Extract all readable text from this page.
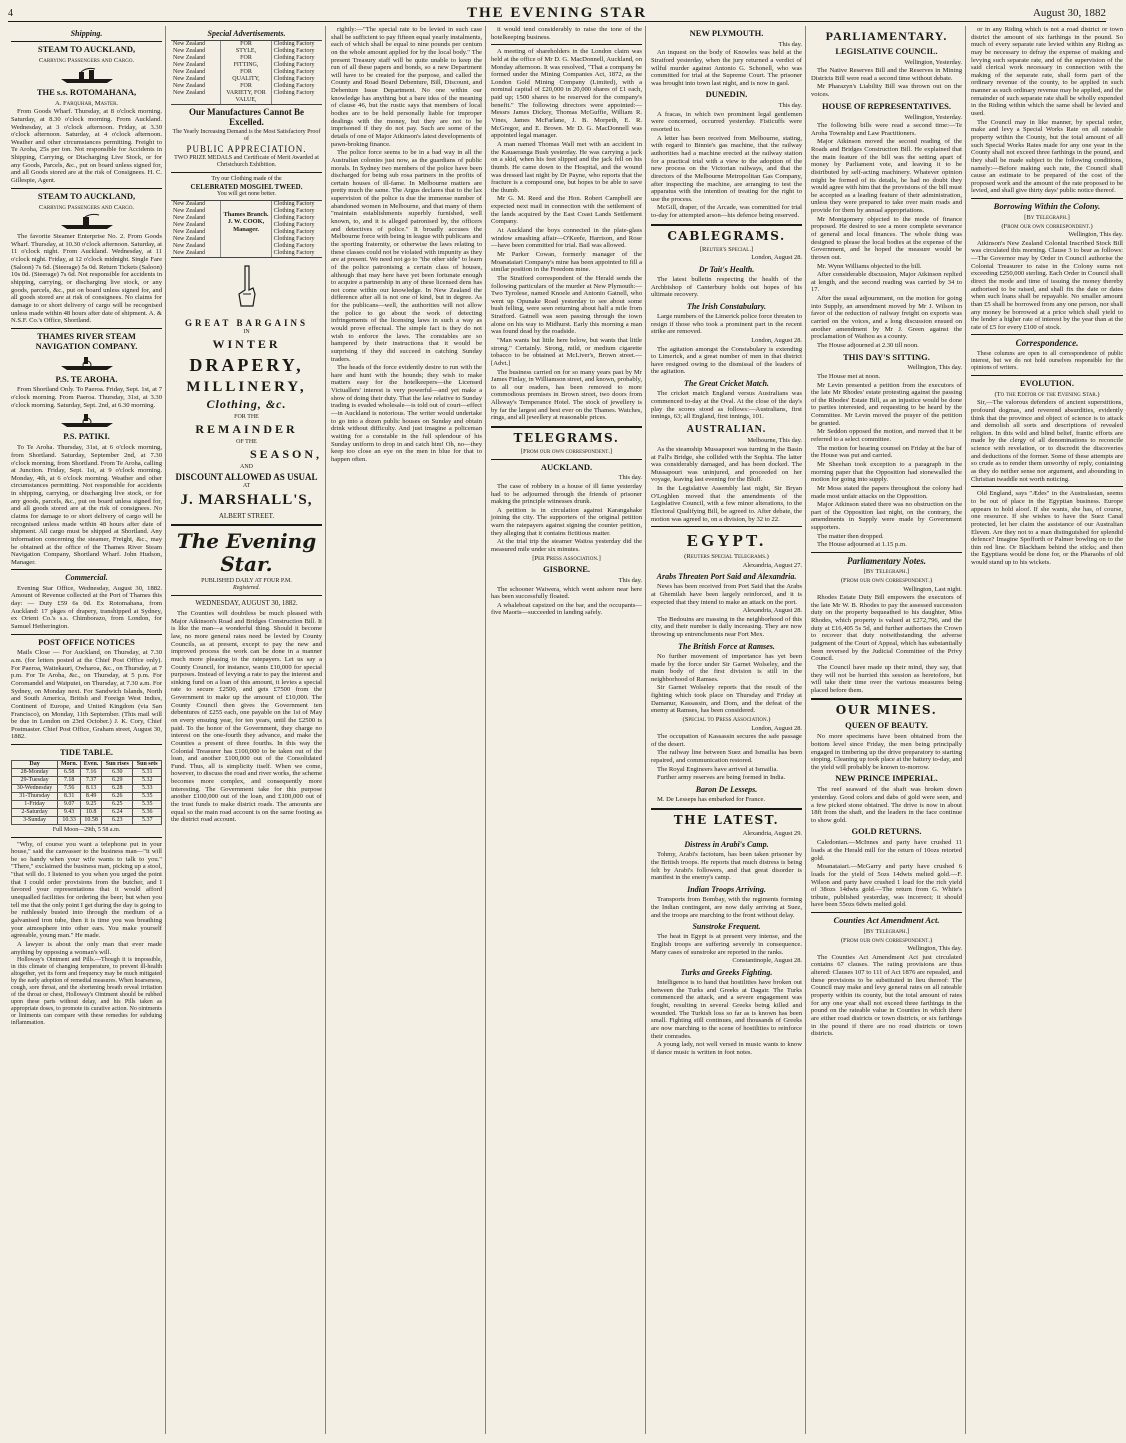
4	THE EVENING STAR	August 30, 1882
Shipping.
STEAM TO AUCKLAND,
Carrying Passengers and Cargo.
THE s.s. ROTOMAHANA,
A. Farquhar, Master.

From Goods Wharf. Thursday, at 8 o'clock morning. Saturday, at 8.30 o'clock morning. From Auckland. Wednesday, at 3 o'clock afternoon. Friday, at 3.30 o'clock afternoon. Saturday, at 4 o'clock afternoon. Weather and other circumstances permitting. Freight to Te Aroha, 25s per ton. Not responsible for Accidents in Shipping, Carrying, or Discharging Live Stock, or for any Goods, Parcels, &c., put on board unless signed for, and all Goods stored are at the risk of Consignees. H. C. Gillespie, Agent.

STEAM TO AUCKLAND,
Carrying Passengers and Cargo.

The favorite Steamer Enterprise No. 2. From Goods Wharf. Thursday, at 10.30 o'clock afternoon. Saturday, at 11 o'clock night. From Auckland. Wednesday, at 11 o'clock night. Friday, at 12 o'clock midnight. Single Fare (Saloon) 7s 6d. (Steerage) 5s 0d. Return Tickets (Saloon) 10s 0d. (Steerage) 7s 6d. Not responsible for accidents in shipping, carrying, or discharging live stock, or any goods, parcels, &c., put on board unless signed for, and all goods stored are at risk of consignees. No claims for damage to or short delivery of cargo will be recognised unless made within 48 hours after date of shipment. A. & N.S.F. Co.'s Office, Shortland.

THAMES RIVER STEAM NAVIGATION COMPANY.
P.S. TE AROHA.

From Shortland Only. To Paeroa. Friday, Sept. 1st, at 7 o'clock morning. From Paeroa. Thursday, 31st, at 3.30 o'clock morning. Saturday, Sept. 2nd, at 6.30 morning.

P.S. PATIKI.

To Te Aroha. Thursday, 31st, at 6 o'clock morning, from Shortland. Saturday, September 2nd, at 7.30 o'clock morning, from Shortland. From Te Aroha, calling at Junction. Friday, Sept. 1st, at 9 o'clock morning. Monday, 4th, at 6 o'clock morning. Weather and other circumstances permitting. Not responsible for accidents in shipping, carrying, or discharging live stock, or for any goods, parcels, &c., put on board unless signed for, and all goods stored are at the risk of consignees. No claims for damage to or short delivery of cargo will be recognised unless made within 48 hours after date of shipment. All cargo must be shipped at Shortland. Any information concerning the steamer, Freight, &c., may be obtained at the office of the Thames River Steam Navigation Company, Shortland Wharf. John Hudson, Manager.

Commercial.

Evening Star Office, Wednesday, August 30, 1882. Amount of Revenue collected at the Port of Thames this day: — Duty £59 6s 0d. Ex Rotomahana, from Auckland: 17 pkges of drapery, transhipped at Sydney, ex Orient Co.'s s.s. Chimborazo, from London, for Samuel Hetherington.

POST OFFICE NOTICES

Mails Close — For Auckland, on Thursday, at 7.30 a.m. (for letters posted at the Chief Post Office only). For Paeroa, Waitekauri, Owharoa, &c., on Thursday, at 7 p.m. For Te Aroha, &c., on Thursday, at 5 p.m. For Coromandel and Waiputei, on Thursday, at 7.30 a.m. For Sydney, on Monday next. For Sandwich Islands, North and South America, British and Foreign West Indies, Continent of Europe, and United Kingdom (via San Francisco), on Monday, 11th September. (This mail will be due in London on 23rd October.) J. K. Cory, Chief Postmaster. Chief Post Office, Graham street, August 30, 1882.

TIDE TABLE.
Day	Morn.	Even.	Sun rises	Sun sets
28-Monday	6.58	7.16	6.30	5.31
29-Tuesday	7.18	7.37	6.29	5.32
30-Wednesday	7.56	8.13	6.28	5.33
31-Thursday	8.31	8.49	6.26	5.35
1-Friday	9.07	9.25	6.25	5.35
2-Saturday	9.43	10.8	6.24	5.36
3-Sunday	10.33	10.58	6.23	5.37
Full Moon—29th, 5 58 a.m.

"Why, of course you want a telephone put in your house," said the canvasser to the business man—"it will be so handy when your wife wants to talk to you." "There," exclaimed the business man, picking up a stool, "that will do. I listened to you when you urged the point that I could order provisions from the butcher, and I favored your representations that it would afford unequalled facilities for ordering the beer; but when you tell me that the only point I get during the day is going to be ruthlessly busted into through the medium of a galvanised iron tube, then it is time you was breathing your atmosphere into other ears. You make yourself agreeable, young man." He made.

A lawyer is about the only man that ever made anything by opposing a woman's will.

Holloway's Ointment and Pills.—Though it is impossible, in this climate of changing temperature, to prevent ill-health altogether, yet its form and frequency may be much mitigated by the early adoption of remedial measures. When hoarseness, cough, sore throat, and the shortening breath reveal irritation of the throat or chest, Holloway's Ointment should be rubbed upon these parts without delay, and his Pills taken as appropriate doses, to promote its curative action. No ointments or liniments can compare with these remedies for subduing inflammation.

Special Advertisements.
New Zealand
New Zealand
New Zealand
New Zealand
New Zealand
New Zealand
New Zealand
New Zealand
FOR
STYLE,
FOR
FITTING,
FOR
QUALITY,
FOR
VARIETY, FOR VALUE,
Clothing Factory
Clothing Factory
Clothing Factory
Clothing Factory
Clothing Factory
Clothing Factory
Clothing Factory
Clothing Factory
Our Manufactures Cannot Be Excelled.
The Yearly Increasing Demand is the Most Satisfactory Proof of
PUBLIC APPRECIATION.
TWO PRIZE MEDALS and Certificate of Merit Awarded at Christchurch Exhibition.
Try our Clothing made of the
CELEBRATED MOSGIEL TWEED.
You will get none better.
New Zealand
New Zealand
New Zealand
New Zealand
New Zealand
New Zealand
New Zealand
New Zealand
Thames Branch. J. W. COOK, Manager.
Clothing Factory
Clothing Factory
Clothing Factory
Clothing Factory
Clothing Factory
Clothing Factory
Clothing Factory
Clothing Factory
GREAT BARGAINS
IN
WINTER
DRAPERY,
MILLINERY,
Clothing, &c.
FOR THE
REMAINDER
OF THE
SEASON,
AND
DISCOUNT ALLOWED AS USUAL
AT
J. MARSHALL'S,
ALBERT STREET.
The Evening Star.
PUBLISHED DAILY AT FOUR P.M.
Registered.
WEDNESDAY, AUGUST 30, 1882.

The Counties will doubtless be much pleased with Major Atkinson's Road and Bridges Construction Bill. It is like the man—a wonderful thing. Should it become law, no more general rates need be levied by County Councils, as at present, except to pay the new and improved process the work can be done in a manner much more pleasing to the ratepayers. Let us say a County Council, for instance, wants £10,000 for special purposes. Instead of levying a rate to pay the interest and sinking fund on a loan of this amount, it levies a special rate to secure £2500, and gets £7500 from the Government to make up the amount of £10,000. The County Council then gives the Government ten debentures of £255 each, one payable on the 1st of May on every ensuing year, for ten years, until the £2500 is paid. To the honor of the Government, they charge no interest on the one-fourth they advance, and make the Counties a present of three fourths. In this way the Colonial Treasurer has £100,000 to be taken out of the loan, and another £100,000 out of the Consolidated Fund. Thus, all is simplicity itself. When we come, however, to discuss the road and river works, the scheme becomes more complex, and consequently more interesting. The Government take for this purpose another £100,000 out of the loan, and £100,000 out of the trust funds to make district roads. The amounts are equal so the main road account is on the same footing as the district road account.

rightly:—"The special rate to be levied in such case shall be sufficient to pay fifteen equal yearly instalments, each of which shall be equal to nine pounds per centum on the whole amount applied for by the local body." The present Treasury staff will be quite unable to keep the run of all these papers and bonds, so a new Department will have to be created for the purpose, and called the County and Road Board Debenture, Bill, Discount, and Debenture Issue Department. No one within our knowledge has anything but a bare idea of the meaning of clause 46, but the rustic says that members of local bodies are to be held personally liable for improper dealings with the money, but they are not to be imprisoned if they do not pay. Such are some of the details of one of Major Atkinson's latest developments of pawn-broking finance.

The police force seems to be in a bad way in all the Australian colonies just now, as the guardians of public morals. In Sydney two members of the police have been discharged for being sub rosa partners in the profits of certain houses of ill-fame. In Melbourne matters are pretty much the same. The Argus declares that to the lax supervision of the police is due the immense number of abandoned women in Melbourne, and that many of them "maintain establishments superbly furnished, well known, to, and it is alleged patronised by, the officers and detectives of police." It broadly accuses the Melbourne force with being in league with publicans and the sporting fraternity, or otherwise the laws relating to these classes could not be violated with impunity as they are at present. We need not go to "the other side" to learn of the police patronising a certain class of houses, although that may here have yet been fortunate enough to acquire a partnership in any of these licensed dens has not come within our knowledge. In New Zealand the difference after all is not one of kind, but in degree. As for the publicans—well, the authorities will not allow the police to go about the work of detecting infringements of the licensing laws in such a way as would prove effectual. The simple fact is they do not wish to enforce the laws. The constables are so hampered by their instructions that it would be surprising if they did succeed in catching Sunday traders.

The heads of the force evidently desire to run with the hare and hunt with the hounds; they wish to make matters easy for the hotelkeepers—the Licensed Victuallers' interest is very powerful—and yet make a show of doing their duty. That the law relative to Sunday trading is evaded wholesale—is told out of court—effect—in Auckland is notorious. The writer would undertake to go into a dozen public houses on Sunday and obtain drink without difficulty. And just imagine a policeman waiting for a constable in the full splendour of his Sunday uniform to drop in and catch him! Oh, no—they keep too close an eye on the men in blue for that to happen often.

it would tend considerably to raise the tone of the hotelkeeping business.

A meeting of shareholders in the London claim was held at the office of Mr D. G. MacDonnell, Auckland, on Monday afternoon. It was resolved, "That a company be formed under the Mining Companies Act, 1872, as the London Gold Mining Company (Limited), with a nominal capital of £20,000 in 20,000 shares of £1 each, paid up; 1500 shares to be reserved for the company's benefit." The following directors were appointed:—Messrs James Dickey, Thomas McGuffie, William R. Vines, James McFarlane, J. B. Morpeth, E. R. McGregor, and E. Brown. Mr D. G. MacDonnell was appointed legal manager.

A man named Thomas Wall met with an accident in the Kauaeranga Bush yesterday. He was carrying a jack on a skid, when his feet slipped and the jack fell on his thumb. He came down to the Hospital, and the wound was dressed last night by Dr Payne, who reports that the fracture is a compound one, but hopes to be able to save the thumb.

Mr G. M. Reed and the Hon. Robert Campbell are expected next mail in connection with the settlement of the lands acquired by the East Coast Lands Settlement Company.

At Auckland the boys connected in the plate-glass window smashing affair—O'Keefe, Harrison, and Rose—have been committed for trial. Bail was allowed.

Mr Parker Cowan, formerly manager of the Moanataiari Company's mine has been appointed to fill a similar position in the Freedom mine.

The Stratford correspondent of the Herald sends the following particulars of the murder at New Plymouth:—Two Tyrolese, named Knoele and Antonio Gatnell, who went up Opunake Road yesterday to see about some bush felling, were seen returning about half a mile from Stratford. Gatnell was seen passing through the town alone on his way to Midhurst. Early this morning a man was found dead by the roadside.

"Man wants but little here below, but wants that little strong." Certainly. Strong, mild, or medium cigarette tobacco to be obtained at McLiver's, Brown street.—[Advt.]

The business carried on for so many years past by Mr James Finlay, in Williamson street, and known, probably, to all our readers, has been removed to more commodious premises in Brown street, two doors from Allsway's Temperance Hotel. The stock of jewellery is by far the largest and best ever on the Thames. Watches, rings, and all jewellery at reasonable prices.

TELEGRAMS.
[From our own correspondent.]
AUCKLAND.
This day.

The case of robbery in a house of ill fame yesterday had to be adjourned through the friends of prisoner making the principle witnesses drunk.

A petition is in circulation against Karangahake joining the city. The supporters of the original petition warn the ratepayers against signing the counter petition, they alleging that it contains fictitious matter.

At the trial trip the steamer Waitoa yesterday did the measured mile under six minutes.

[Per Press Association.]
GISBORNE.
This day.

The schooner Waiwera, which went ashore near here has been successfully floated.

A whaleboat capsized on the bar, and the occupants—five Maoris—succeeded in landing safely.

NEW PLYMOUTH.
This day.

An inquest on the body of Knowles was held at the Stratford yesterday, when the jury returned a verdict of wilful murder against Antonio G. Schonell, who was committed for trial at the Supreme Court. The prisoner was brought into town last night, and is now in gaol.

DUNEDIN.
This day.

A fracas, in which two prominent legal gentlemen were concerned, occurred yesterday. Fisticuffs were resorted to.

A letter has been received from Melbourne, stating, with regard to Binnie's gas machine, that the railway authorities had a machine erected at the railway station for a practical trial with a view to the adoption of the new process on the Victorian railways, and that the directors of the Melbourne Metropolitan Gas Company, after inspecting the machine, are arranging to test the apparatus with the intention of treating for the right to use the process.

McGill, draper, of the Arcade, was committed for trial to-day for attempted arson—his defence being reserved.

CABLEGRAMS.
[Reuter's Special.]
London, August 28.
Dr Tait's Health.

The latest bulletin respecting the health of the Archbishop of Canterbury holds out hopes of his ultimate recovery.

The Irish Constabulary.

Large numbers of the Limerick police force threaten to resign if those who took a prominent part in the recent strike are removed.

London, August 28.

The agitation amongst the Constabulary is extending to Limerick, and a great number of men in that district have resigned owing to the dismissal of the leaders of the agitation.

The Great Cricket Match.

The cricket match England versus Australians was commenced to-day at the Oval. At the close of the day's play the scores stood as follows:—Australians, first innings, 63; all England, first innings, 101.

AUSTRALIAN.
Melbourne, This day.

As the steamship Mussapouri was turning in the Basin at Fall's Bridge, she collided with the Sophia. The latter was considerably damaged, and has been docked. The Mussapouri was uninjured, and proceeded on her voyage, leaving last evening for the Bluff.

In the Legislative Assembly last night, Sir Bryan O'Loghlen moved that the amendments of the Legislative Council, with a few minor alterations, to the Electoral Qualifying Bill, be agreed to. After debate, the motion was agreed to, on a division, by 32 to 22.

EGYPT.
(Reuters Special Telegrams.)
Alexandria, August 27.
Arabs Threaten Port Said and Alexandria.

News has been received from Port Said that the Arabs at Ghemilah have been largely reinforced, and it is expected that they intend to make an attack on the port.

Alexandria, August 28.

The Bedouins are massing in the neighborhood of this city, and their number is daily increasing. They are now throwing up entrenchments near Fort Mex.

The British Force at Ramses.

No further movement of importance has yet been made by the force under Sir Garnet Wolseley, and the main body of the first division is still in the neighborhood of Ramses.

Sir Garnet Wolseley reports that the result of the fighting which took place on Thursday and Friday at Damanur, Kassassin, and Dom, and the defeat of the enemy at Ramses, has been considered.

(Special to Press Association.)
London, August 28.

The occupation of Kassassin secures the safe passage of the desert.

The railway line between Suez and Ismailia has been repaired, and communication restored.

The Royal Engineers have arrived at Ismailia.

Further army reserves are being formed in India.

Baron De Lesseps.

M. De Lesseps has embarked for France.

THE LATEST.
Alexandria, August 29.
Distress in Arabi's Camp.

Tohmy, Arabi's factotum, has been taken prisoner by the British troops. He reports that much distress is being felt by Arabi's followers, and that great disorder is manifest in the enemy's camp.

Indian Troops Arriving.

Transports from Bombay, with the regiments forming the Indian contingent, are now daily arriving at Suez, and the troops are marching to the front without delay.

Sunstroke Frequent.

The heat in Egypt is at present very intense, and the English troops are suffering severely in consequence. Many cases of sunstroke are reported in the ranks.

Constantinople, August 28.
Turks and Greeks Fighting.

Intelligence is to hand that hostilities have broken out between the Turks and Greeks at Dagair. The Turks commenced the attack, and a severe engagement was fought, resulting in several Greeks being killed and wounded. The Turkish loss so far as is known has been small. Fighting still continues, and thousands of Greeks are now marching to the scene of hostilities to reinforce their comrades.

A young lady, not well versed in music wants to know if dance music is written in foot notes.

PARLIAMENTARY.
LEGISLATIVE COUNCIL.
Wellington, Yesterday.

The Native Reserves Bill and the Reserves in Mining Districts Bill were read a second time without debate.

Mr Pharazyn's Liability Bill was thrown out on the voices.

HOUSE OF REPRESENTATIVES.
Wellington, Yesterday.

The following bills were read a second time:—Te Aroha Township and Law Practitioners.

Major Atkinson moved the second reading of the Roads and Bridges Construction Bill. He explained that the main feature of the bill was the setting apart of money by Parliament vote, and leaving it to be distributed by self-acting machinery. Whatever opinion might be formed of its details, he had no doubt they would agree with him that the provisions of the bill must be accepted as a leading feature of their administration, unless they were prepared to take over main roads and provide for them by annual appropriations.

Mr Montgomery objected to the mode of finance proposed. He desired to see a more complete severance of general and local finances. The whole thing was designed to please the local bodies at the expense of the Government, and he hoped the measure would be thrown out.

Mr. Wynn Williams objected to the bill.

After considerable discussion, Major Atkinson replied at length, and the second reading was carried by 34 to 17.

After the usual adjournment, on the motion for going into Supply, an amendment moved by Mr J. Wilson in favor of the reduction of railway freight on exports was carried on the voices, and a long discussion ensued on another amendment by Mr J. Green against the proclamation of Waihou as a county.

The House adjourned at 2.30 till noon.

THIS DAY'S SITTING.
Wellington, This day.

The House met at noon.

Mr Levin presented a petition from the executors of the late Mr Rhodes' estate protesting against the passing of the Rhodes' Estate Bill, as an injustice would be done to parties interested, and requesting to be heard by the Committee. Mr Levin moved the prayer of the petition be granted.

Mr Seddon opposed the motion, and moved that it be referred to a select committee.

The motion for hearing counsel on Friday at the bar of the House was put and carried.

Mr Sheehan took exception to a paragraph in the morning paper that the Opposition had stonewalled the motion for going into supply.

Mr Moss stated the papers throughout the colony had made most unfair attacks on the Opposition.

Major Atkinson stated there was no obstruction on the part of the Opposition last night, on the contrary, the amendments in Supply were made by Government supporters.

The matter then dropped.

The House adjourned at 1.15 p.m.

Parliamentary Notes.
[By Telegraph.]
(From our own correspondent.)
Wellington, Last night.

Rhodes Estate Duty Bill empowers the executors of the late Mr W. B. Rhodes to pay the assessed succession duty on the property bequeathed to his daughter, Miss Rhodes, which property is valued at £272,796, and the duty at £16,405 5s 5d, and further authorises the Crown to recover that duty notwithstanding the adverse judgment of the Court of Appeal, which has substantially been reversed by the Judicial Committee of the Privy Council.

The Council have made up their mind, they say, that they will not be hurried this session as heretofore, but will take their time over the various measures being placed before them.

OUR MINES.
QUEEN OF BEAUTY.

No more specimens have been obtained from the bottom level since Friday, the men being principally engaged in timbering up the drive preparatory to starting stoping. Cleaning up took place at the battery to-day, and the yield will probably be known to-morrow.

NEW PRINCE IMPERIAL.

The reef seaward of the shaft was broken down yesterday. Good colors and dabs of gold were seen, and a few picked stone obtained. The drive is now in about 18ft from the shaft, and the leaders in the face continue to show gold.

GOLD RETURNS.

Caledonian.—McInnes and party have crushed 11 loads at the Herald mill for the return of 10ozs retorted gold.

Moanataiari.—McGarry and party have crushed 6 loads for the yield of 5ozs 14dwts melted gold.—F. Wilson and party have crushed 1 load for the rich yield of 38ozs 14dwts gold.—The return from G. White's tribute, published yesterday, was incorrect; it should have been 55ozs 6dwts melted gold.

Counties Act Amendment Act.
[By Telegraph.]
(From our own correspondent.)
Wellington, This day.

The Counties Act Amendment Act just circulated contains 67 clauses. The rating provisions are thus altered: Clauses 107 to 111 of Act 1876 are repealed, and these provisions to be substituted in lieu thereof: The Council may make and levy general rates on all rateable property within its county, but the total amount of rates for any one year shall not exceed three farthings in the pound on the rateable value in Counties in which there are either road districts or town districts, or six farthings in the pound if there are no road districts or town districts.

or in any Riding which is not a road district or town district the amount of six farthings in the pound. So much of every separate rate levied within any Riding as may be necessary to defray the expense of making and levying such separate rate, and of the supervision of the said clerical work necessary in connection with the making of the separate rate, shall form part of the ordinary revenue of the county, to be applied in such manner as such ordinary revenue may be applied, and the remainder of such separate rate shall be wholly expended in the Riding within which the same shall be levied and used.

The Council may in like manner, by special order, make and levy a Special Works Rate on all rateable property within the County, but the total amount of all such Special Works Rates made for any one year in the County shall not exceed three farthings in the pound, and they shall be made subject to the following conditions, namely:—Before making such rate, the Council shall cause an estimate to be prepared of the cost of the proposed work and the amount of the rate proposed to be levied, and shall give thirty days' public notice thereof.

Borrowing Within the Colony.
[By Telegraph.]
(From our own correspondent.)
Wellington, This day.

Atkinson's New Zealand Colonial Inscribed Stock Bill was circulated this morning. Clause 3 to bear as follows:—The Governor may by Order in Council authorise the Colonial Treasurer to raise in the Colony sums not exceeding £250,000 sterling. Each Order in Council shall direct the mode and time of issuing the money thereby authorised to be raised, and shall fix the date or dates when such loans shall be repayable. No smaller amount than £5 shall be borrowed from any one person, nor shall any money be borrowed at a price which shall yield to the lender a higher rate of interest by the year than at the rate of £5 for every £100 of stock.

Correspondence.

These columns are open to all correspondence of public interest, but we do not hold ourselves responsible for the opinions of writers.

EVOLUTION.
(To the Editor of the Evening Star.)

Sir,—The valorous defenders of ancient superstitions, profound dogmas, and reverend absurdities, evidently think that the province and object of science is to attack and demolish all sorts and descriptions of revealed religion. In this wild and blind belief, frantic efforts are made by the clergy of all denominations to reconcile science with revelation, or to discredit the discoveries and deductions of the former. Some of these attempts are so crude as to render them unworthy of reply, containing as they do neither sense nor argument, and abounding in Christian twaddle not worth noticing.

Old England, says "Ædes" in the Australasian, seems to be out of place in the Egyptian business. Europe appears to hold aloof. If she wants, she has, of course, one resource. If she wishes to have the Suez Canal protected, let her claim the assistance of our Australian Eleven. Are they not to a man distinguished for splendid defence? Imagine Spofforth or Palmer bowling on to the thin red line. Or Blackham behind the sticks; and then the Egyptians would be done for, or the Pharaohs of old would stand up to his wickets.
